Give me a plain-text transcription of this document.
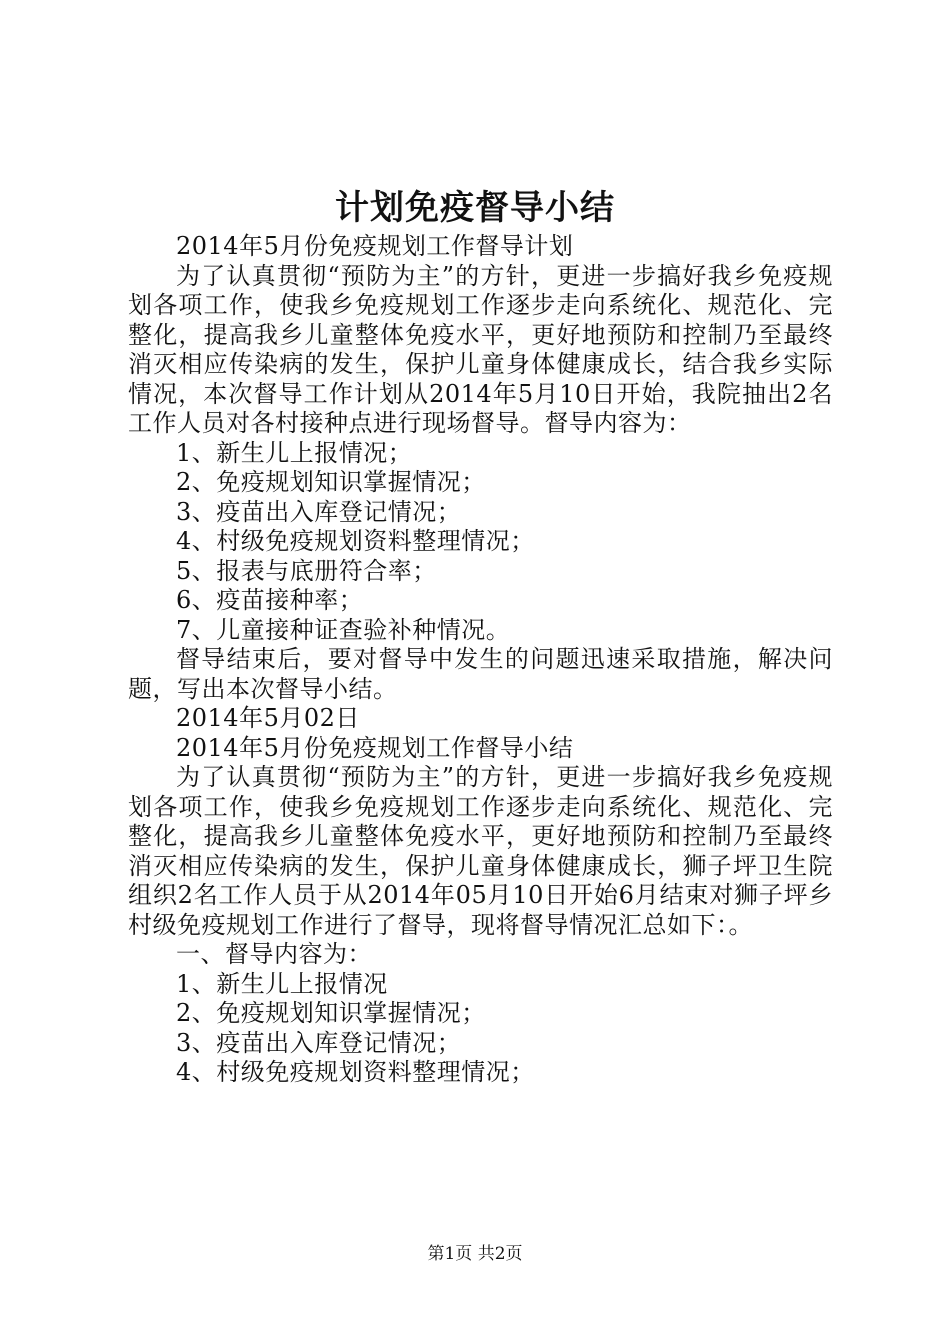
计划免疫督导小结

2014年5月份免疫规划工作督导计划

为了认真贯彻“预防为主”的方针，更进一步搞好我乡免疫规划各项工作，使我乡免疫规划工作逐步走向系统化、规范化、完整化，提高我乡儿童整体免疫水平，更好地预防和控制乃至最终消灭相应传染病的发生，保护儿童身体健康成长，结合我乡实际情况，本次督导工作计划从2014年5月10日开始，我院抽出2名工作人员对各村接种点进行现场督导。督导内容为：

1、新生儿上报情况；

2、免疫规划知识掌握情况；

3、疫苗出入库登记情况；

4、村级免疫规划资料整理情况；

5、报表与底册符合率；

6、疫苗接种率；

7、儿童接种证查验补种情况。

督导结束后，要对督导中发生的问题迅速采取措施，解决问题，写出本次督导小结。

2014年5月02日

2014年5月份免疫规划工作督导小结

为了认真贯彻“预防为主”的方针，更进一步搞好我乡免疫规划各项工作，使我乡免疫规划工作逐步走向系统化、规范化、完整化，提高我乡儿童整体免疫水平，更好地预防和控制乃至最终消灭相应传染病的发生，保护儿童身体健康成长，狮子坪卫生院组织2名工作人员于从2014年05月10日开始6月结束对狮子坪乡村级免疫规划工作进行了督导，现将督导情况汇总如下：。

一、督导内容为：

1、新生儿上报情况

2、免疫规划知识掌握情况；

3、疫苗出入库登记情况；

4、村级免疫规划资料整理情况；

第1页 共2页
